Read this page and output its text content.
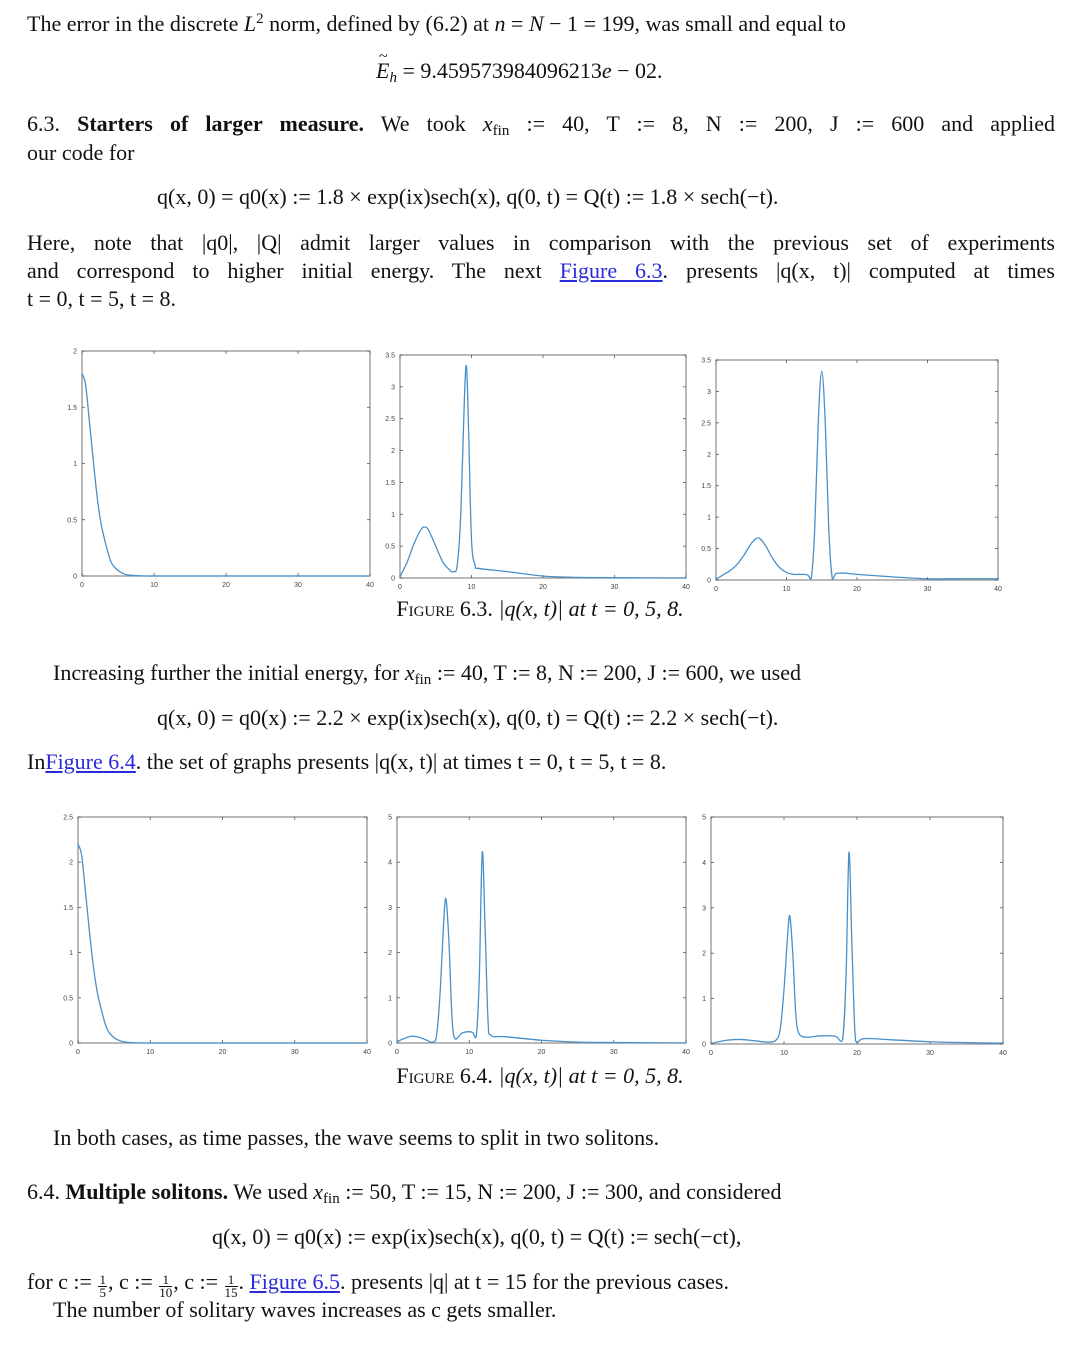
The error in the discrete $L^2$ norm, defined by (6.2) at n = N − 1 = 199, was small and equal to
~ $E_h = 9.459573984096213e - 02$.
6.3. Starters of larger measure. We took $x_{fin}$ := 40, T := 8, N := 200, J := 600 and applied
our code for
q(x, 0) = q0(x) := 1.8 × exp(ix)sech(x), q(0, t) = Q(t) := 1.8 × sech(−t).
Here, note that |q0|, |Q| admit larger values in comparison with the previous set of experiments
and correspond to higher initial energy. The next Figure 6.3. presents |q(x, t)| computed at times
t = 0, t = 5, t = 8.
0	10	20	30	40
0
0.5
1
1.5
2
0	10	20	30	40
0
0.5
1
1.5
2
2.5
3
3.5
0	10	20	30	40
0
0.5
1
1.5
2
2.5
3
3.5
Figure 6.3. |q(x, t)| at t = 0, 5, 8.
Increasing further the initial energy, for $x_{fin}$ := 40, T := 8, N := 200, J := 600, we used
q(x, 0) = q0(x) := 2.2 × exp(ix)sech(x), q(0, t) = Q(t) := 2.2 × sech(−t).
InFigure 6.4. the set of graphs presents |q(x, t)| at times t = 0, t = 5, t = 8.
0	10	20	30	40
0
0.5
1
1.5
2
2.5
0	10	20	30	40
0
1
2
3
4
5
0	10	20	30	40
0
1
2
3
4
5
Figure 6.4. |q(x, t)| at t = 0, 5, 8.
In both cases, as time passes, the wave seems to split in two solitons.
6.4. Multiple solitons. We used $x_{fin}$ := 50, T := 15, N := 200, J := 300, and considered
q(x, 0) = q0(x) := exp(ix)sech(x), q(0, t) = Q(t) := sech(−ct),
for c := $\frac{1}{5}$ , c := $\frac{1}{10}$ , c := $\frac{1}{15}$ . Figure 6.5. presents |q| at t = 15 for the previous cases.
The number of solitary waves increases as c gets smaller.
